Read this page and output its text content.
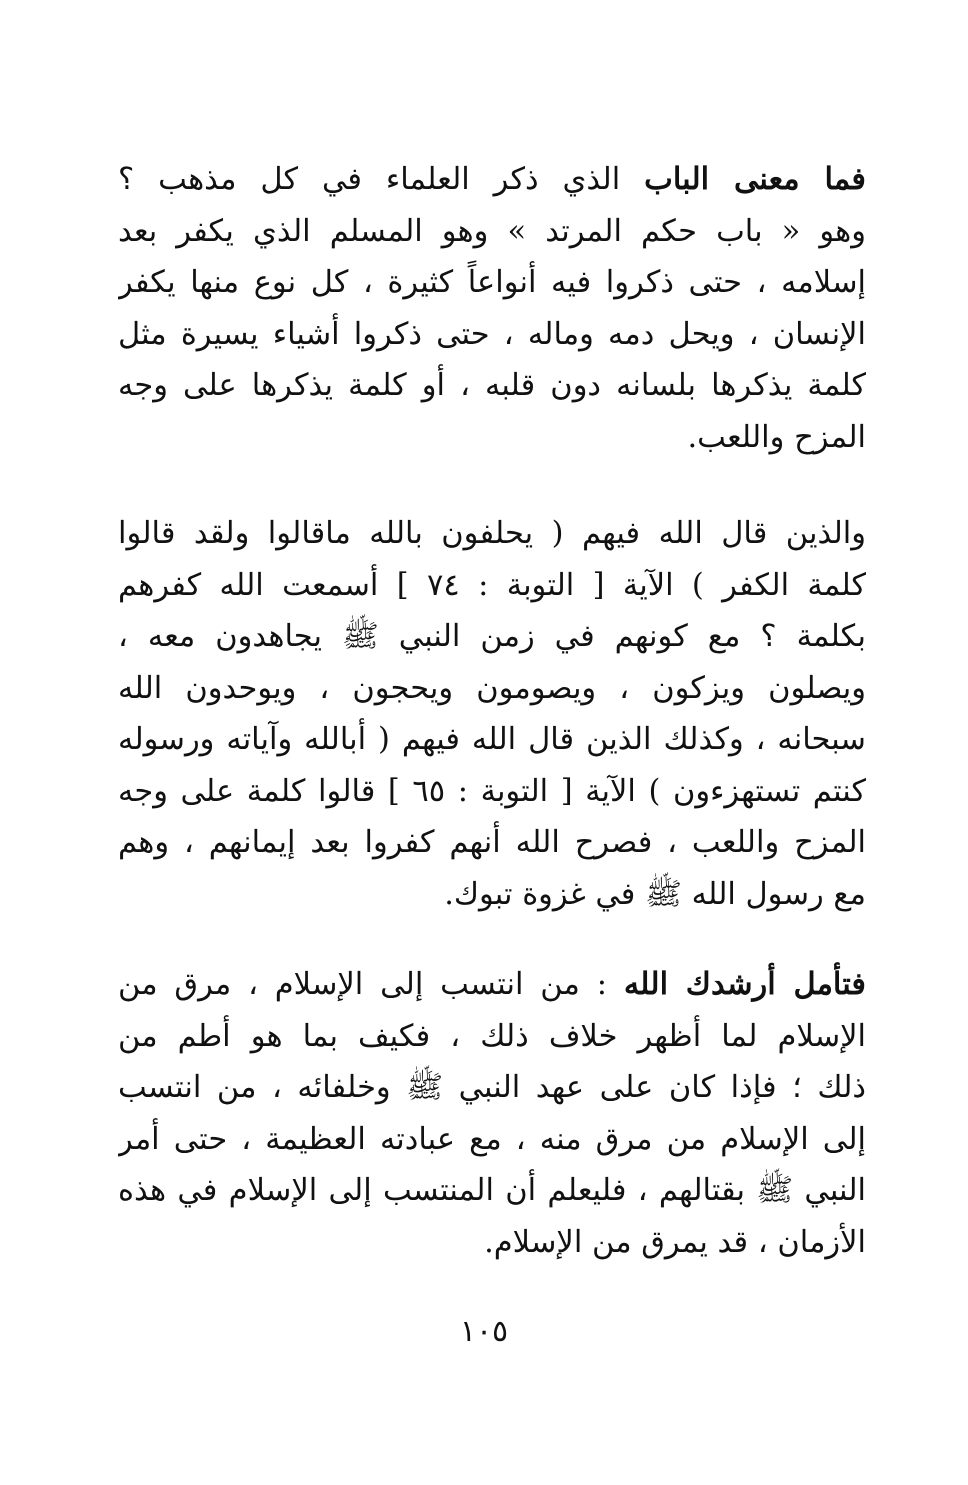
فما معنى الباب الذي ذكر العلماء في كل مذهب ؟
وهو « باب حكم المرتد » وهو المسلم الذي يكفر بعد
إسلامه ، حتى ذكروا فيه أنواعاً كثيرة ، كل نوع منها يكفر
الإنسان ، ويحل دمه وماله ، حتى ذكروا أشياء يسيرة مثل
كلمة يذكرها بلسانه دون قلبه ، أو كلمة يذكرها على وجه
المزح واللعب.

والذين قال الله فيهم ( يحلفون بالله ماقالوا ولقد قالوا
كلمة الكفر ) الآية [ التوبة : ٧٤ ] أسمعت الله كفرهم
بكلمة ؟ مع كونهم في زمن النبي ﷺ يجاهدون معه ،
ويصلون ويزكون ، ويصومون ويحجون ، ويوحدون الله
سبحانه ، وكذلك الذين قال الله فيهم ( أبالله وآياته ورسوله
كنتم تستهزءون ) الآية [ التوبة : ٦٥ ] قالوا كلمة على وجه
المزح واللعب ، فصرح الله أنهم كفروا بعد إيمانهم ، وهم
مع رسول الله ﷺ في غزوة تبوك.

فتأمل أرشدك الله : من انتسب إلى الإسلام ، مرق من
الإسلام لما أظهر خلاف ذلك ، فكيف بما هو أطم من
ذلك ؛ فإذا كان على عهد النبي ﷺ وخلفائه ، من انتسب
إلى الإسلام من مرق منه ، مع عبادته العظيمة ، حتى أمر
النبي ﷺ بقتالهم ، فليعلم أن المنتسب إلى الإسلام في هذه
الأزمان ، قد يمرق من الإسلام.

١٠٥
